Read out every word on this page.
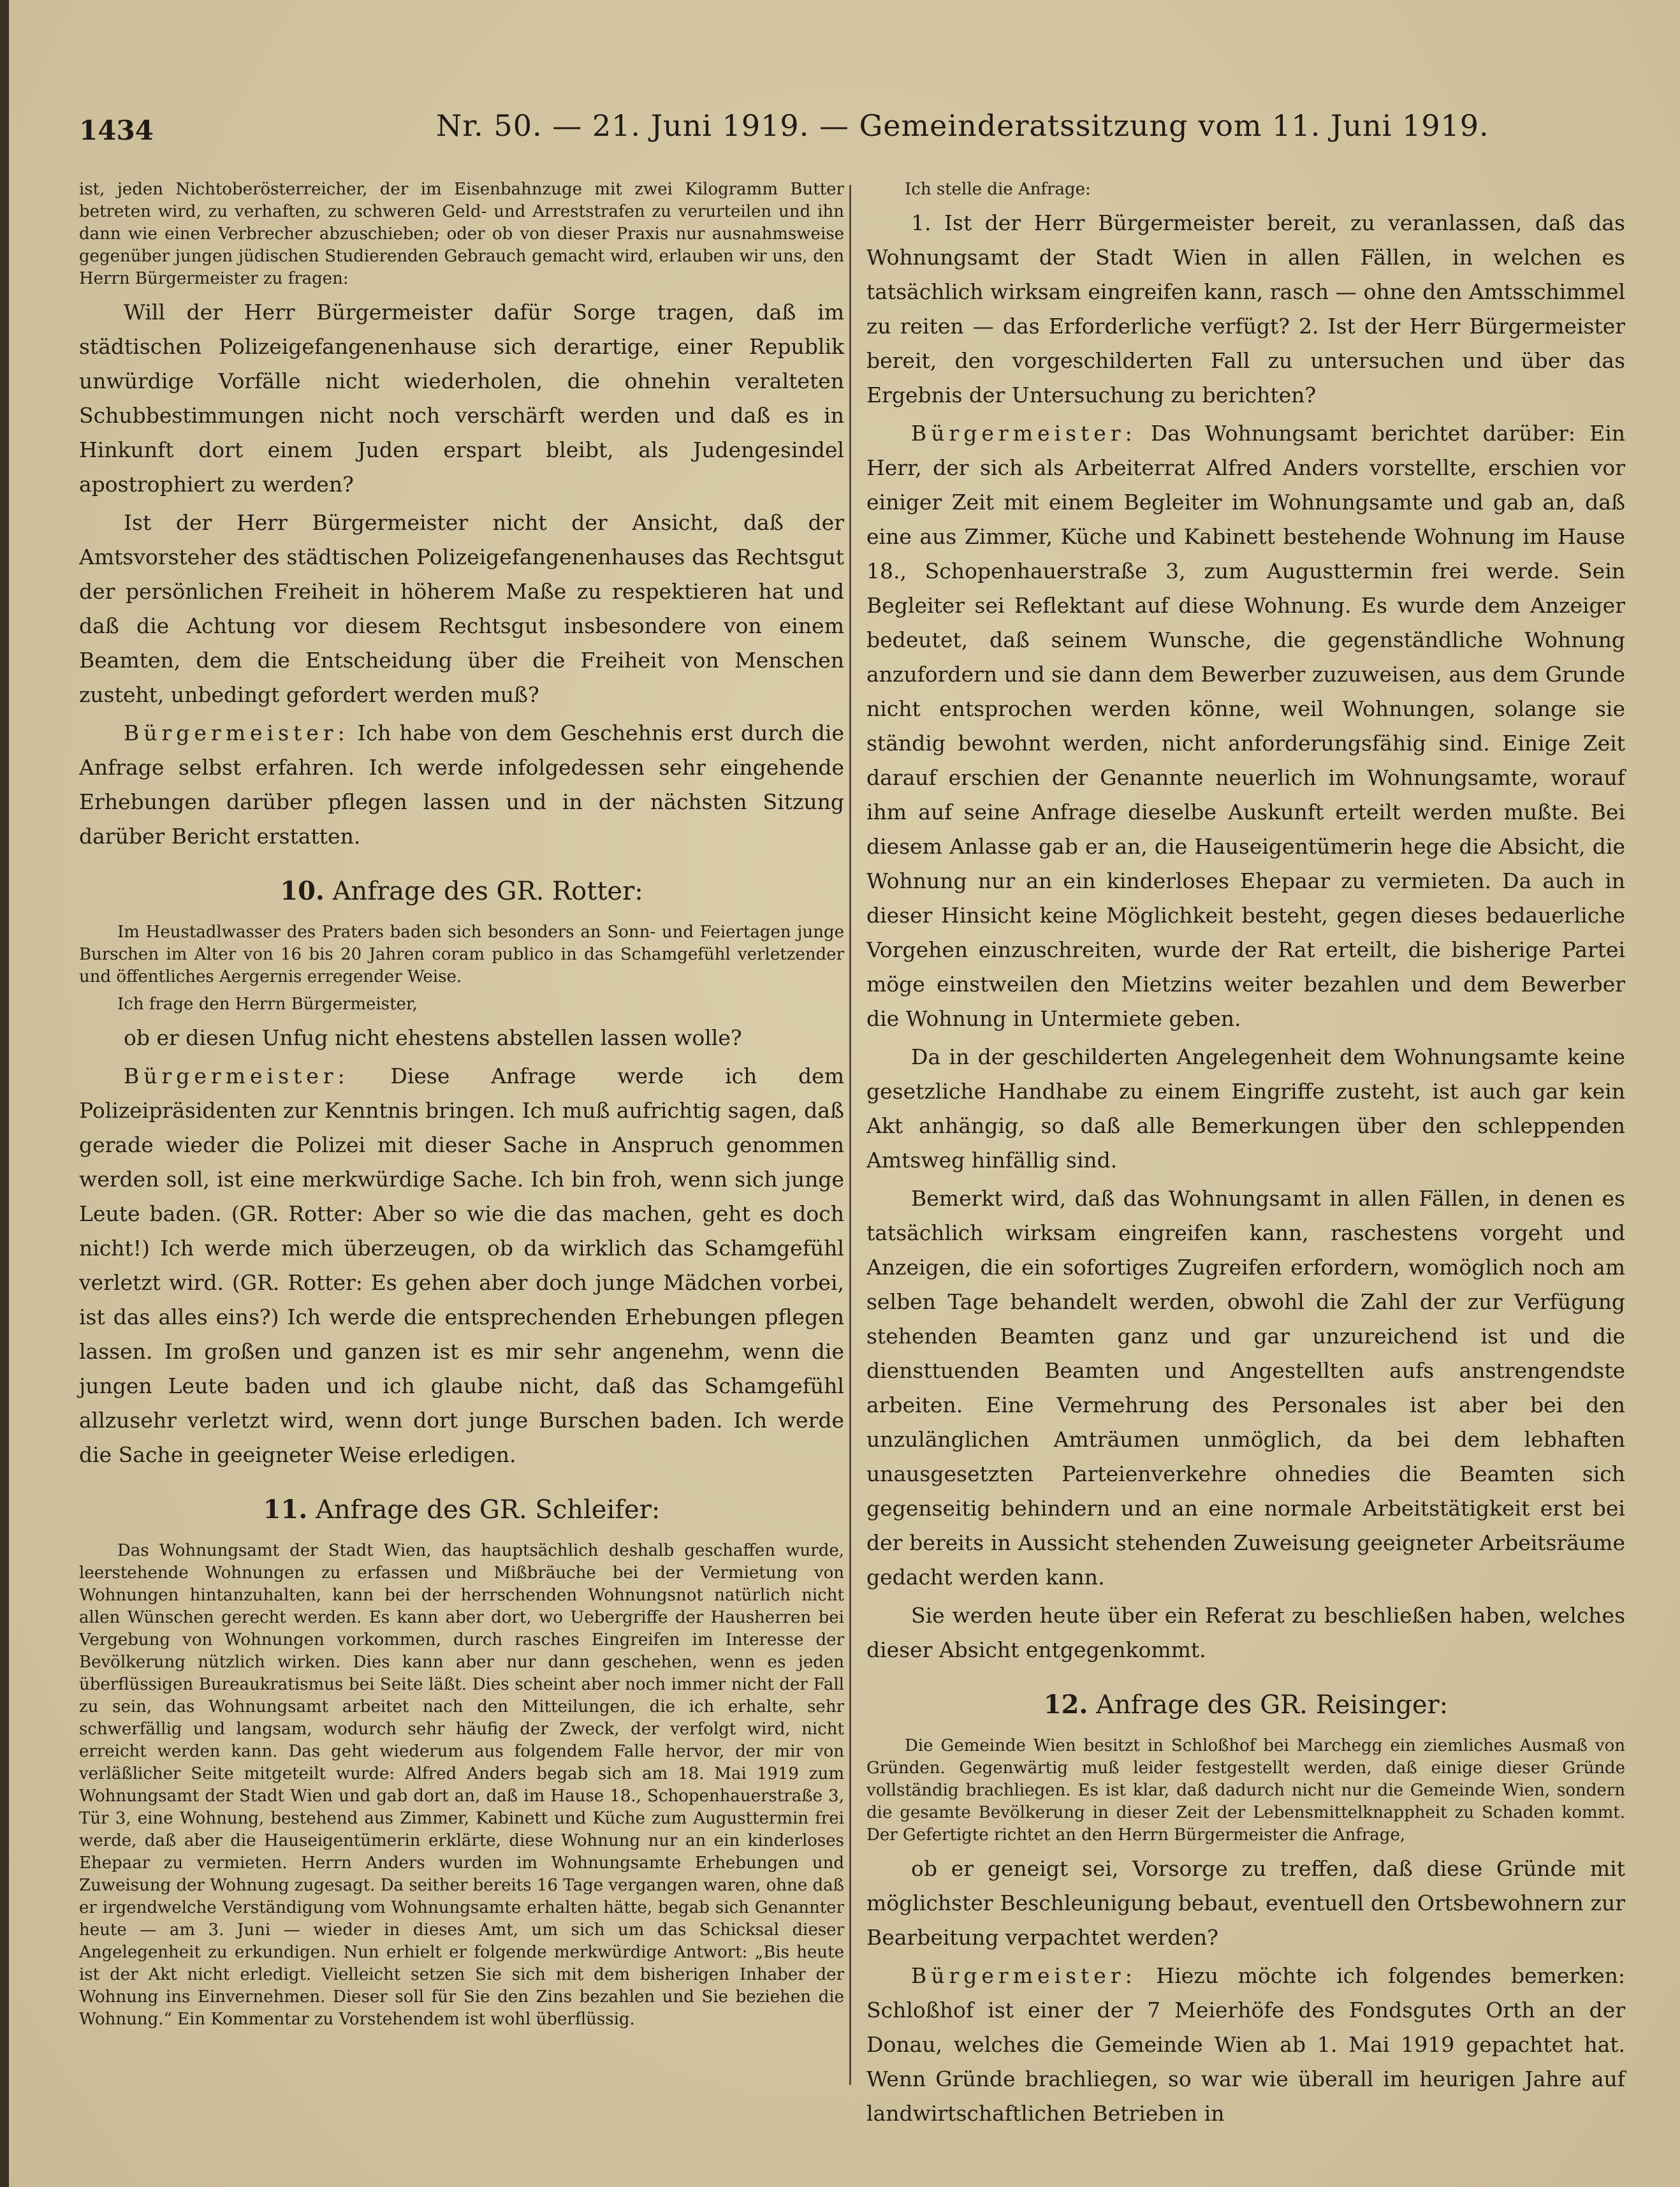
1434	Nr. 50. — 21. Juni 1919. — Gemeinderatssitzung vom 11. Juni 1919.

ist, jeden Nichtoberösterreicher, der im Eisenbahnzuge mit zwei Kilogramm Butter betreten wird, zu verhaften, zu schweren Geld- und Arreststrafen zu verurteilen und ihn dann wie einen Verbrecher abzuschieben; oder ob von dieser Praxis nur ausnahmsweise gegenüber jungen jüdischen Studierenden Gebrauch gemacht wird, erlauben wir uns, den Herrn Bürgermeister zu fragen:

Will der Herr Bürgermeister dafür Sorge tragen, daß im städtischen Polizeigefangenenhause sich derartige, einer Republik unwürdige Vorfälle nicht wiederholen, die ohnehin veralteten Schubbestimmungen nicht noch verschärft werden und daß es in Hinkunft dort einem Juden erspart bleibt, als Judengesindel apostrophiert zu werden?

Ist der Herr Bürgermeister nicht der Ansicht, daß der Amtsvorsteher des städtischen Polizeigefangenenhauses das Rechtsgut der persönlichen Freiheit in höherem Maße zu respektieren hat und daß die Achtung vor diesem Rechtsgut insbesondere von einem Beamten, dem die Entscheidung über die Freiheit von Menschen zusteht, unbedingt gefordert werden muß?

Bürgermeister: Ich habe von dem Geschehnis erst durch die Anfrage selbst erfahren. Ich werde infolgedessen sehr eingehende Erhebungen darüber pflegen lassen und in der nächsten Sitzung darüber Bericht erstatten.

10. Anfrage des GR. Rotter:

Im Heustadlwasser des Praters baden sich besonders an Sonn- und Feiertagen junge Burschen im Alter von 16 bis 20 Jahren coram publico in das Schamgefühl verletzender und öffentliches Aergernis erregender Weise.

Ich frage den Herrn Bürgermeister,

ob er diesen Unfug nicht ehestens abstellen lassen wolle?

Bürgermeister: Diese Anfrage werde ich dem Polizeipräsidenten zur Kenntnis bringen. Ich muß aufrichtig sagen, daß gerade wieder die Polizei mit dieser Sache in Anspruch genommen werden soll, ist eine merkwürdige Sache. Ich bin froh, wenn sich junge Leute baden. (GR. Rotter: Aber so wie die das machen, geht es doch nicht!) Ich werde mich überzeugen, ob da wirklich das Schamgefühl verletzt wird. (GR. Rotter: Es gehen aber doch junge Mädchen vorbei, ist das alles eins?) Ich werde die entsprechenden Erhebungen pflegen lassen. Im großen und ganzen ist es mir sehr angenehm, wenn die jungen Leute baden und ich glaube nicht, daß das Schamgefühl allzusehr verletzt wird, wenn dort junge Burschen baden. Ich werde die Sache in geeigneter Weise erledigen.

11. Anfrage des GR. Schleifer:

Das Wohnungsamt der Stadt Wien, das hauptsächlich deshalb geschaffen wurde, leerstehende Wohnungen zu erfassen und Mißbräuche bei der Vermietung von Wohnungen hintanzuhalten, kann bei der herrschenden Wohnungsnot natürlich nicht allen Wünschen gerecht werden. Es kann aber dort, wo Uebergriffe der Hausherren bei Vergebung von Wohnungen vorkommen, durch rasches Eingreifen im Interesse der Bevölkerung nützlich wirken. Dies kann aber nur dann geschehen, wenn es jeden überflüssigen Bureaukratismus bei Seite läßt. Dies scheint aber noch immer nicht der Fall zu sein, das Wohnungsamt arbeitet nach den Mitteilungen, die ich erhalte, sehr schwerfällig und langsam, wodurch sehr häufig der Zweck, der verfolgt wird, nicht erreicht werden kann. Das geht wiederum aus folgendem Falle hervor, der mir von verläßlicher Seite mitgeteilt wurde: Alfred Anders begab sich am 18. Mai 1919 zum Wohnungsamt der Stadt Wien und gab dort an, daß im Hause 18., Schopenhauerstraße 3, Tür 3, eine Wohnung, bestehend aus Zimmer, Kabinett und Küche zum Augusttermin frei werde, daß aber die Hauseigentümerin erklärte, diese Wohnung nur an ein kinderloses Ehepaar zu vermieten. Herrn Anders wurden im Wohnungsamte Erhebungen und Zuweisung der Wohnung zugesagt. Da seither bereits 16 Tage vergangen waren, ohne daß er irgendwelche Verständigung vom Wohnungsamte erhalten hätte, begab sich Genannter heute — am 3. Juni — wieder in dieses Amt, um sich um das Schicksal dieser Angelegenheit zu erkundigen. Nun erhielt er folgende merkwürdige Antwort: „Bis heute ist der Akt nicht erledigt. Vielleicht setzen Sie sich mit dem bisherigen Inhaber der Wohnung ins Einvernehmen. Dieser soll für Sie den Zins bezahlen und Sie beziehen die Wohnung.“ Ein Kommentar zu Vorstehendem ist wohl überflüssig.

Ich stelle die Anfrage:

1. Ist der Herr Bürgermeister bereit, zu veranlassen, daß das Wohnungsamt der Stadt Wien in allen Fällen, in welchen es tatsächlich wirksam eingreifen kann, rasch — ohne den Amtsschimmel zu reiten — das Erforderliche verfügt? 2. Ist der Herr Bürgermeister bereit, den vorgeschilderten Fall zu untersuchen und über das Ergebnis der Untersuchung zu berichten?

Bürgermeister: Das Wohnungsamt berichtet darüber: Ein Herr, der sich als Arbeiterrat Alfred Anders vorstellte, erschien vor einiger Zeit mit einem Begleiter im Wohnungsamte und gab an, daß eine aus Zimmer, Küche und Kabinett bestehende Wohnung im Hause 18., Schopenhauerstraße 3, zum Augusttermin frei werde. Sein Begleiter sei Reflektant auf diese Wohnung. Es wurde dem Anzeiger bedeutet, daß seinem Wunsche, die gegenständliche Wohnung anzufordern und sie dann dem Bewerber zuzuweisen, aus dem Grunde nicht entsprochen werden könne, weil Wohnungen, solange sie ständig bewohnt werden, nicht anforderungsfähig sind. Einige Zeit darauf erschien der Genannte neuerlich im Wohnungsamte, worauf ihm auf seine Anfrage dieselbe Auskunft erteilt werden mußte. Bei diesem Anlasse gab er an, die Hauseigentümerin hege die Absicht, die Wohnung nur an ein kinderloses Ehepaar zu vermieten. Da auch in dieser Hinsicht keine Möglichkeit besteht, gegen dieses bedauerliche Vorgehen einzuschreiten, wurde der Rat erteilt, die bisherige Partei möge einstweilen den Mietzins weiter bezahlen und dem Bewerber die Wohnung in Untermiete geben.

Da in der geschilderten Angelegenheit dem Wohnungsamte keine gesetzliche Handhabe zu einem Eingriffe zusteht, ist auch gar kein Akt anhängig, so daß alle Bemerkungen über den schleppenden Amtsweg hinfällig sind.

Bemerkt wird, daß das Wohnungsamt in allen Fällen, in denen es tatsächlich wirksam eingreifen kann, raschestens vorgeht und Anzeigen, die ein sofortiges Zugreifen erfordern, womöglich noch am selben Tage behandelt werden, obwohl die Zahl der zur Verfügung stehenden Beamten ganz und gar unzureichend ist und die diensttuenden Beamten und Angestellten aufs anstrengendste arbeiten. Eine Vermehrung des Personales ist aber bei den unzulänglichen Amträumen unmöglich, da bei dem lebhaften unausgesetzten Parteienverkehre ohnedies die Beamten sich gegenseitig behindern und an eine normale Arbeitstätigkeit erst bei der bereits in Aussicht stehenden Zuweisung geeigneter Arbeitsräume gedacht werden kann.

Sie werden heute über ein Referat zu beschließen haben, welches dieser Absicht entgegenkommt.

12. Anfrage des GR. Reisinger:

Die Gemeinde Wien besitzt in Schloßhof bei Marchegg ein ziemliches Ausmaß von Gründen. Gegenwärtig muß leider festgestellt werden, daß einige dieser Gründe vollständig brachliegen. Es ist klar, daß dadurch nicht nur die Gemeinde Wien, sondern die gesamte Bevölkerung in dieser Zeit der Lebensmittelknappheit zu Schaden kommt. Der Gefertigte richtet an den Herrn Bürgermeister die Anfrage,

ob er geneigt sei, Vorsorge zu treffen, daß diese Gründe mit möglichster Beschleunigung bebaut, eventuell den Ortsbewohnern zur Bearbeitung verpachtet werden?

Bürgermeister: Hiezu möchte ich folgendes bemerken: Schloßhof ist einer der 7 Meierhöfe des Fondsgutes Orth an der Donau, welches die Gemeinde Wien ab 1. Mai 1919 gepachtet hat. Wenn Gründe brachliegen, so war wie überall im heurigen Jahre auf landwirtschaftlichen Betrieben in
